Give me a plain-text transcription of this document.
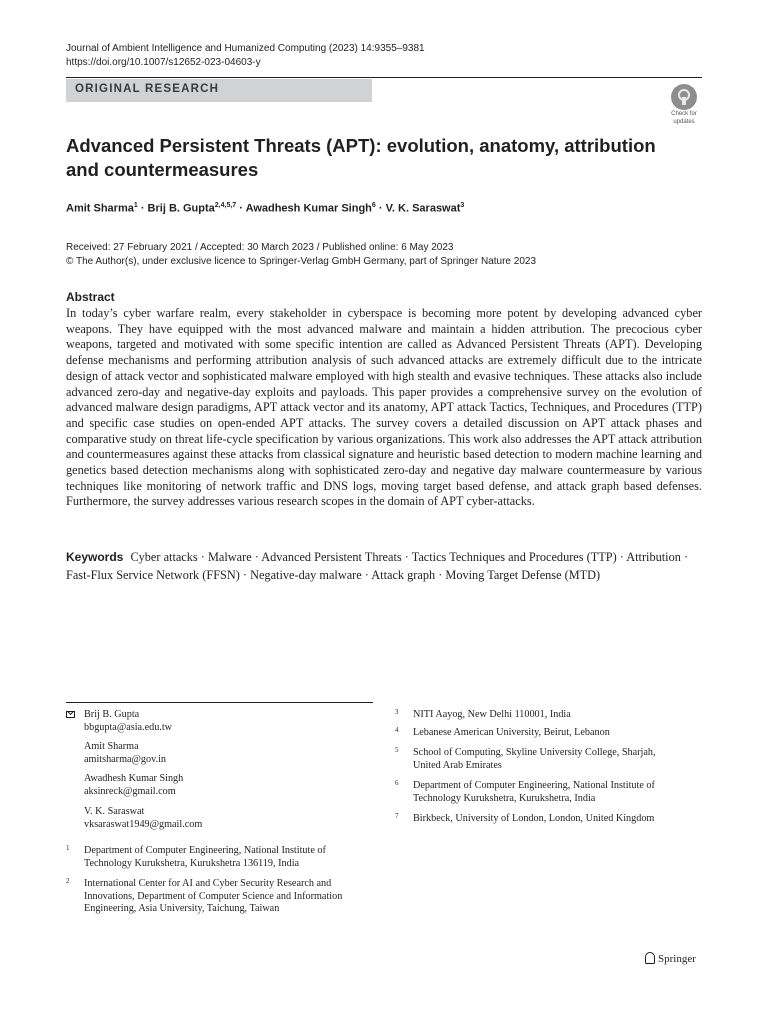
Journal of Ambient Intelligence and Humanized Computing (2023) 14:9355–9381
https://doi.org/10.1007/s12652-023-04603-y
ORIGINAL RESEARCH
Check for
updates
Advanced Persistent Threats (APT): evolution, anatomy, attribution and countermeasures
Amit Sharma$^1$ · Brij B. Gupta$^{2,4,5,7}$ · Awadhesh Kumar Singh$^6$ · V. K. Saraswat$^3$
Received: 27 February 2021 / Accepted: 30 March 2023 / Published online: 6 May 2023
© The Author(s), under exclusive licence to Springer-Verlag GmbH Germany, part of Springer Nature 2023
Abstract
In today’s cyber warfare realm, every stakeholder in cyberspace is becoming more potent by developing advanced cyber weapons. They have equipped with the most advanced malware and maintain a hidden attribution. The precocious cyber weapons, targeted and motivated with some specific intention are called as Advanced Persistent Threats (APT). Developing defense mechanisms and performing attribution analysis of such advanced attacks are extremely difficult due to the intricate design of attack vector and sophisticated malware employed with high stealth and evasive techniques. These attacks also include advanced zero-day and negative-day exploits and payloads. This paper provides a comprehensive survey on the evolution of advanced malware design paradigms, APT attack vector and its anatomy, APT attack Tactics, Techniques, and Procedures (TTP) and specific case studies on open-ended APT attacks. The survey covers a detailed discussion on APT attack phases and comparative study on threat life-cycle specification by various organizations. This work also addresses the APT attack attribution and countermeasures against these attacks from classical signature and heuristic based detection to modern machine learning and genetics based detection mechanisms along with sophisticated zero-day and negative day malware countermeasure by various techniques like monitoring of network traffic and DNS logs, moving target based defense, and attack graph based defenses. Furthermore, the survey addresses various research scopes in the domain of APT cyber-attacks.
Keywords Cyber attacks · Malware · Advanced Persistent Threats · Tactics Techniques and Procedures (TTP) · Attribution · Fast-Flux Service Network (FFSN) · Negative-day malware · Attack graph · Moving Target Defense (MTD)
Brij B. Gupta
bbgupta@asia.edu.tw
Amit Sharma
amitsharma@gov.in
Awadhesh Kumar Singh
aksinreck@gmail.com
V. K. Saraswat
vksaraswat1949@gmail.com
1 Department of Computer Engineering, National Institute of Technology Kurukshetra, Kurukshetra 136119, India
2 International Center for AI and Cyber Security Research and Innovations, Department of Computer Science and Information Engineering, Asia University, Taichung, Taiwan
3 NITI Aayog, New Delhi 110001, India
4 Lebanese American University, Beirut, Lebanon
5 School of Computing, Skyline University College, Sharjah, United Arab Emirates
6 Department of Computer Engineering, National Institute of Technology Kurukshetra, Kurukshetra, India
7 Birkbeck, University of London, London, United Kingdom
Springer
